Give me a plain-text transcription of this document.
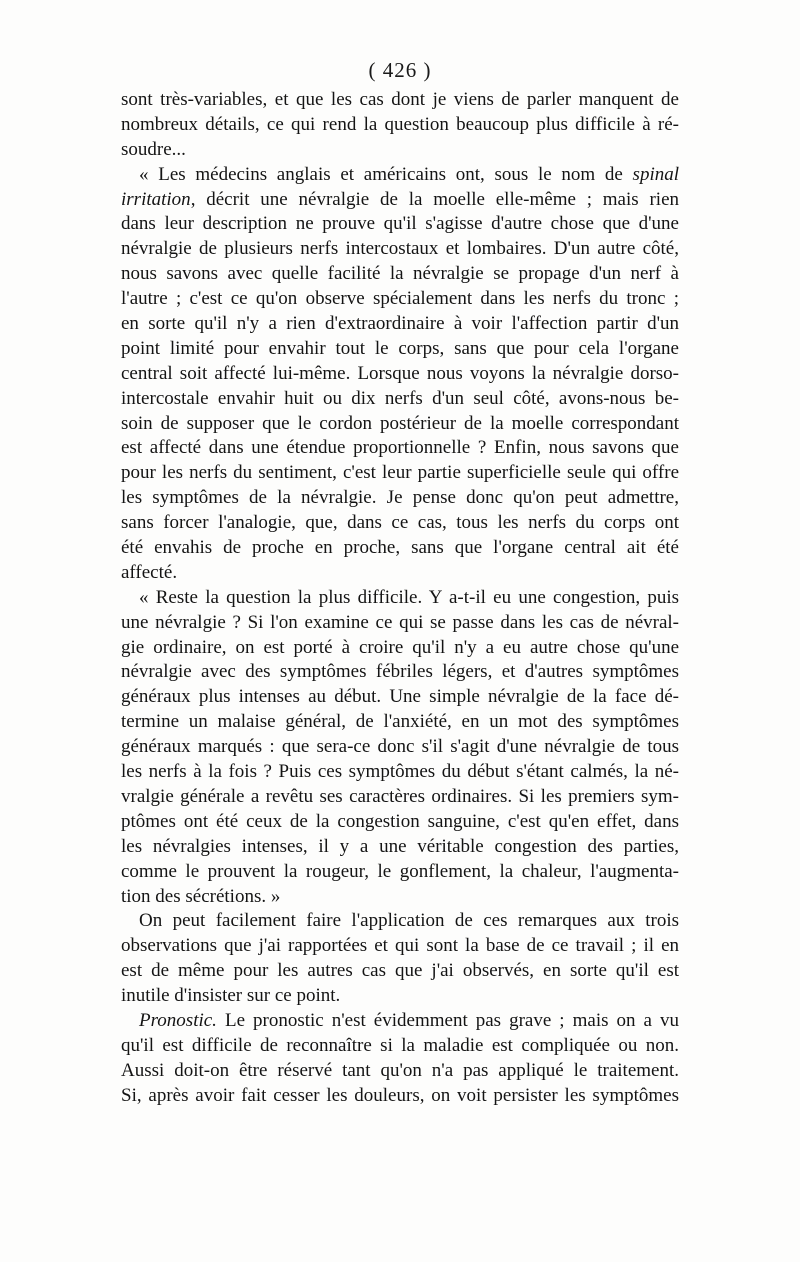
( 426 )
sont très-variables, et que les cas dont je viens de parler manquent de
nombreux détails, ce qui rend la question beaucoup plus difficile à ré-
soudre...
« Les médecins anglais et américains ont, sous le nom de spinal
irritation, décrit une névralgie de la moelle elle-même ; mais rien
dans leur description ne prouve qu'il s'agisse d'autre chose que d'une
névralgie de plusieurs nerfs intercostaux et lombaires. D'un autre côté,
nous savons avec quelle facilité la névralgie se propage d'un nerf à
l'autre ; c'est ce qu'on observe spécialement dans les nerfs du tronc ;
en sorte qu'il n'y a rien d'extraordinaire à voir l'affection partir d'un
point limité pour envahir tout le corps, sans que pour cela l'organe
central soit affecté lui-même. Lorsque nous voyons la névralgie dorso-
intercostale envahir huit ou dix nerfs d'un seul côté, avons-nous be-
soin de supposer que le cordon postérieur de la moelle correspondant
est affecté dans une étendue proportionnelle ? Enfin, nous savons que
pour les nerfs du sentiment, c'est leur partie superficielle seule qui offre
les symptômes de la névralgie. Je pense donc qu'on peut admettre,
sans forcer l'analogie, que, dans ce cas, tous les nerfs du corps ont
été envahis de proche en proche, sans que l'organe central ait été
affecté.
« Reste la question la plus difficile. Y a-t-il eu une congestion, puis
une névralgie ? Si l'on examine ce qui se passe dans les cas de névral-
gie ordinaire, on est porté à croire qu'il n'y a eu autre chose qu'une
névralgie avec des symptômes fébriles légers, et d'autres symptômes
généraux plus intenses au début. Une simple névralgie de la face dé-
termine un malaise général, de l'anxiété, en un mot des symptômes
généraux marqués : que sera-ce donc s'il s'agit d'une névralgie de tous
les nerfs à la fois ? Puis ces symptômes du début s'étant calmés, la né-
vralgie générale a revêtu ses caractères ordinaires. Si les premiers sym-
ptômes ont été ceux de la congestion sanguine, c'est qu'en effet, dans
les névralgies intenses, il y a une véritable congestion des parties,
comme le prouvent la rougeur, le gonflement, la chaleur, l'augmenta-
tion des sécrétions. »
On peut facilement faire l'application de ces remarques aux trois
observations que j'ai rapportées et qui sont la base de ce travail ; il en
est de même pour les autres cas que j'ai observés, en sorte qu'il est
inutile d'insister sur ce point.
Pronostic. Le pronostic n'est évidemment pas grave ; mais on a vu
qu'il est difficile de reconnaître si la maladie est compliquée ou non.
Aussi doit-on être réservé tant qu'on n'a pas appliqué le traitement.
Si, après avoir fait cesser les douleurs, on voit persister les symptômes
